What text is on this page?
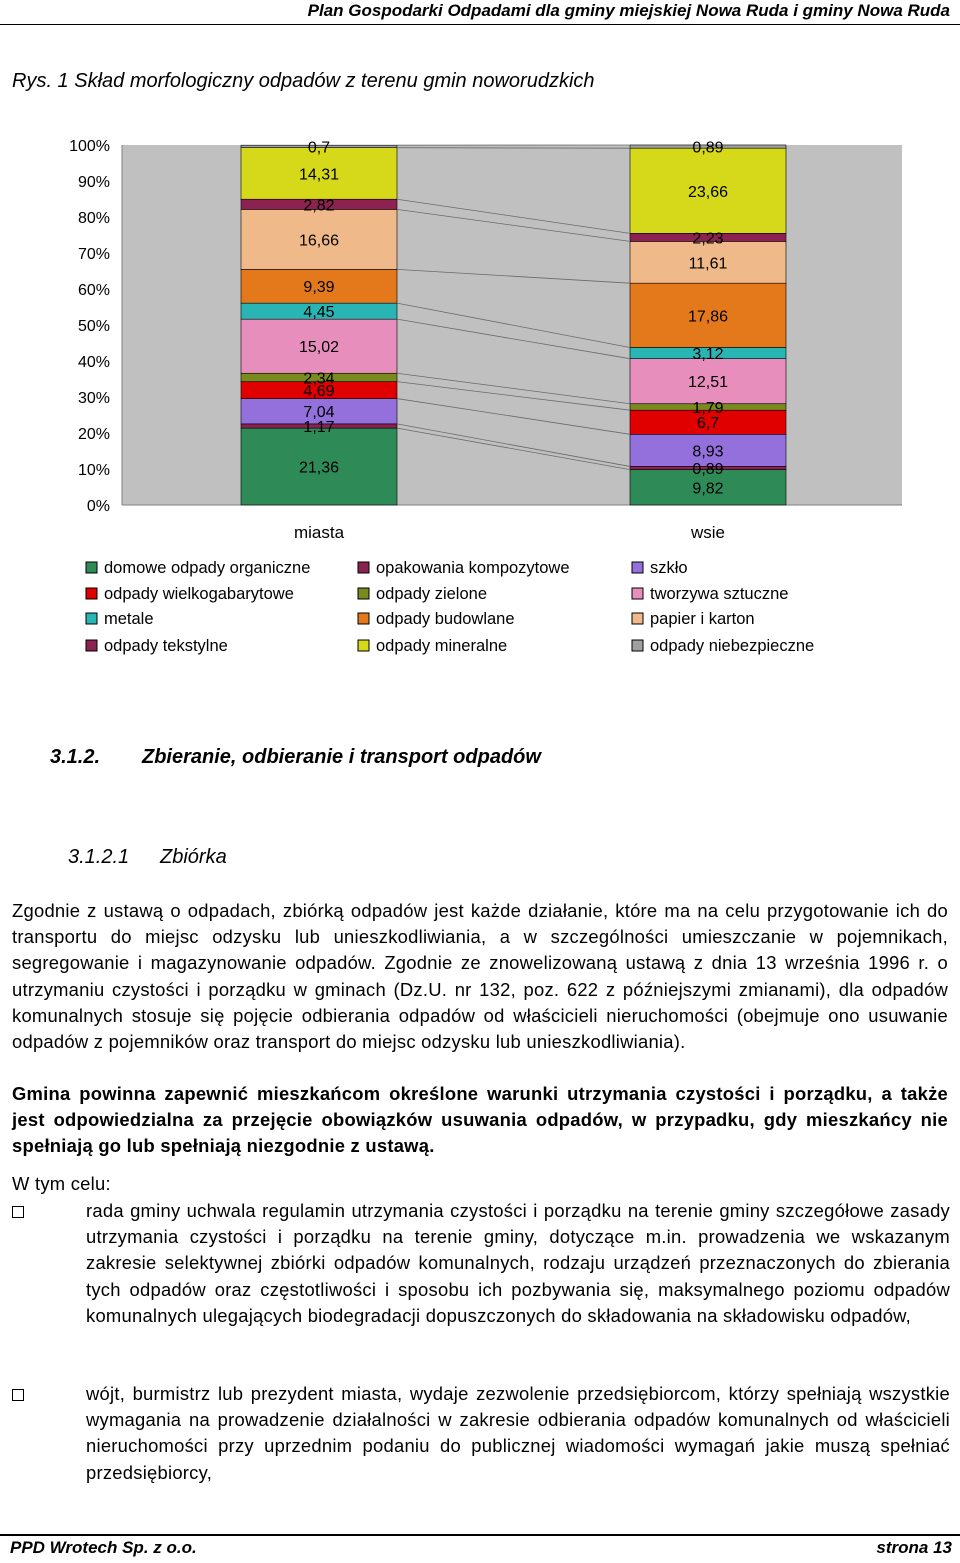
Plan Gospodarki Odpadami dla gminy miejskiej Nowa Ruda i gminy Nowa Ruda
Rys. 1 Skład morfologiczny odpadów z terenu gmin noworudzkich
0%
10%
20%
30%
40%
50%
60%
70%
80%
90%
100%
21,36
1,17
7,04
4,69
2,34
15,02
4,45
9,39
16,66
2,82
14,31
0,7
miasta
9,82
0,89
8,93
6,7
1,79
12,51
3,12
17,86
11,61
2,23
23,66
0,89
wsie
domowe odpady organiczne	opakowania kompozytowe	szkło
odpady wielkogabarytowe	odpady zielone	tworzywa sztuczne
metale	odpady budowlane	papier i karton
odpady tekstylne	odpady mineralne	odpady niebezpieczne
3.1.2. Zbieranie, odbieranie i transport odpadów
3.1.2.1 Zbiórka

Zgodnie z ustawą o odpadach, zbiórką odpadów jest każde działanie, które ma na celu przygotowanie ich do transportu do miejsc odzysku lub unieszkodliwiania, a w szczególności umieszczanie w pojemnikach, segregowanie i magazynowanie odpadów. Zgodnie ze znowelizowaną ustawą z dnia 13 września 1996 r. o utrzymaniu czystości i porządku w gminach (Dz.U. nr 132, poz. 622 z późniejszymi zmianami), dla odpadów komunalnych stosuje się pojęcie odbierania odpadów od właścicieli nieruchomości (obejmuje ono usuwanie odpadów z pojemników oraz transport do miejsc odzysku lub unieszkodliwiania).

Gmina powinna zapewnić mieszkańcom określone warunki utrzymania czystości i porządku, a także jest odpowiedzialna za przejęcie obowiązków usuwania odpadów, w przypadku, gdy mieszkańcy nie spełniają go lub spełniają niezgodnie z ustawą.

W tym celu:

rada gminy uchwala regulamin utrzymania czystości i porządku na terenie gminy szczegółowe zasady utrzymania czystości i porządku na terenie gminy, dotyczące m.in. prowadzenia we wskazanym zakresie selektywnej zbiórki odpadów komunalnych, rodzaju urządzeń przeznaczonych do zbierania tych odpadów oraz częstotliwości i sposobu ich pozbywania się, maksymalnego poziomu odpadów komunalnych ulegających biodegradacji dopuszczonych do składowania na składowisku odpadów,
wójt, burmistrz lub prezydent miasta, wydaje zezwolenie przedsiębiorcom, którzy spełniają wszystkie wymagania na prowadzenie działalności w zakresie odbierania odpadów komunalnych od właścicieli nieruchomości przy uprzednim podaniu do publicznej wiadomości wymagań jakie muszą spełniać przedsiębiorcy,
PPD Wrotech Sp. z o.o.	strona 13
